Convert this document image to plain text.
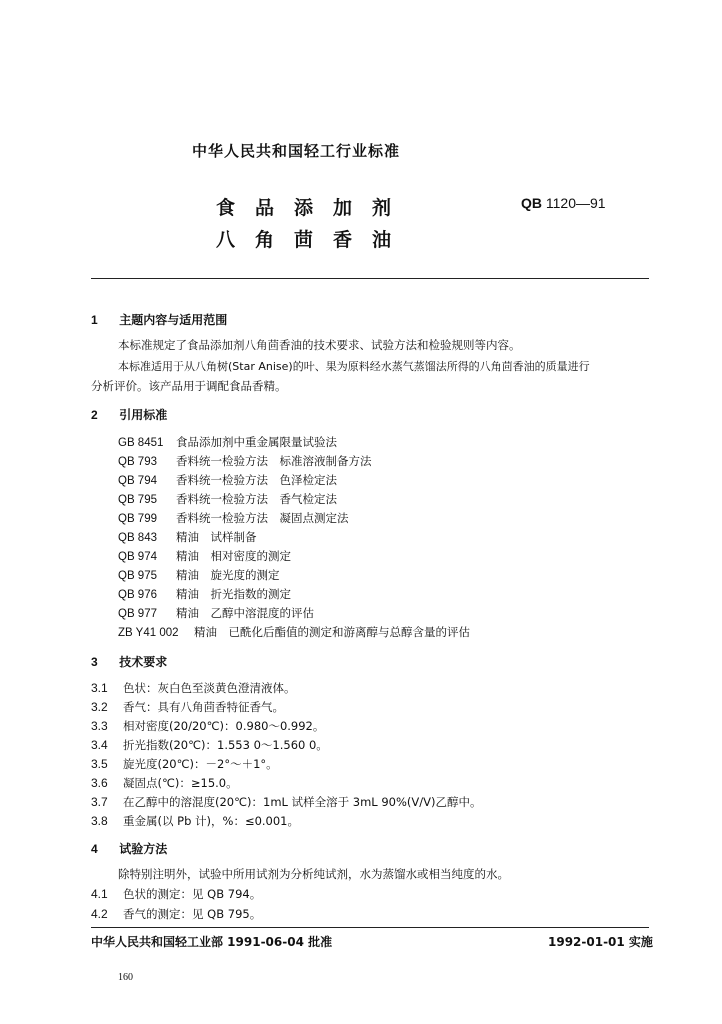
中华人民共和国轻工行业标准
食品添加剂
八角茴香油
QB 1120—91
1 主题内容与适用范围
本标准规定了食品添加剂八角茴香油的技术要求、试验方法和检验规则等内容。
本标准适用于从八角树(Star Anise)的叶、果为原料经水蒸气蒸馏法所得的八角茴香油的质量进行
分析评价。该产品用于调配食品香精。
2 引用标准
GB 8451 食品添加剂中重金属限量试验法
QB 793 香料统一检验方法　标准溶液制备方法
QB 794 香料统一检验方法　色泽检定法
QB 795 香料统一检验方法　香气检定法
QB 799 香料统一检验方法　凝固点测定法
QB 843 精油　试样制备
QB 974 精油　相对密度的测定
QB 975 精油　旋光度的测定
QB 976 精油　折光指数的测定
QB 977 精油　乙醇中溶混度的评估
ZB Y41 002 精油　已酰化后酯值的测定和游离醇与总醇含量的评估
3 技术要求
3.1 色状：灰白色至淡黄色澄清液体。
3.2 香气：具有八角茴香特征香气。
3.3 相对密度(20/20℃)：0.980～0.992。
3.4 折光指数(20℃)：1.553 0～1.560 0。
3.5 旋光度(20℃)：－2°～＋1°。
3.6 凝固点(℃)：≥15.0。
3.7 在乙醇中的溶混度(20℃)：1mL 试样全溶于 3mL 90%(V/V)乙醇中。
3.8 重金属(以 Pb 计)，%：≤0.001。
4 试验方法
除特别注明外，试验中所用试剂为分析纯试剂，水为蒸馏水或相当纯度的水。
4.1 色状的测定：见 QB 794。
4.2 香气的测定：见 QB 795。
中华人民共和国轻工业部 1991-06-04 批准	1992-01-01 实施
160
